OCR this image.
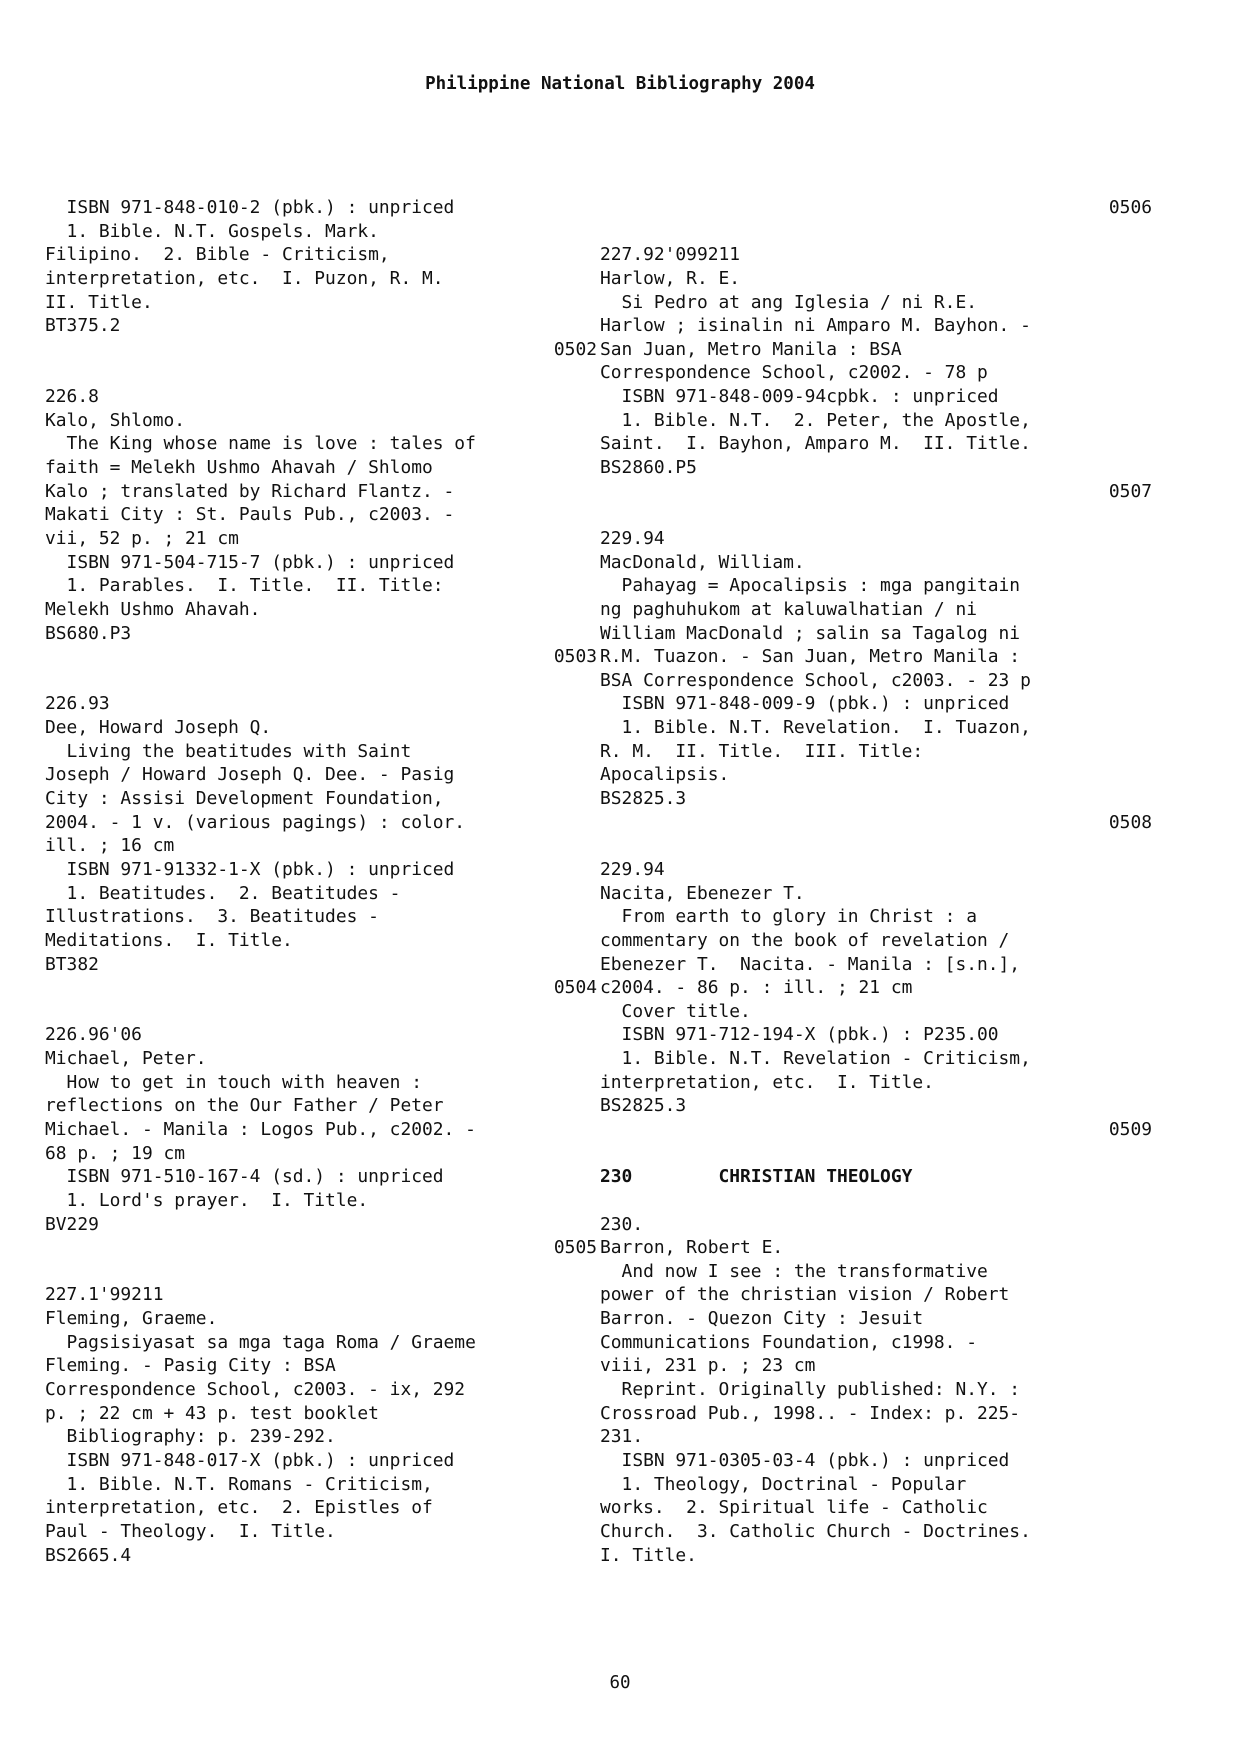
Philippine National Bibliography 2004
ISBN 971-848-010-2 (pbk.) : unpriced
1. Bible. N.T. Gospels. Mark.
Filipino.  2. Bible - Criticism,
interpretation, etc.  I. Puzon, R. M.
II. Title.
BT375.2
0502
226.8
Kalo, Shlomo.
The King whose name is love : tales of
faith = Melekh Ushmo Ahavah / Shlomo
Kalo ; translated by Richard Flantz. -
Makati City : St. Pauls Pub., c2003. -
vii, 52 p. ; 21 cm
ISBN 971-504-715-7 (pbk.) : unpriced
1. Parables.  I. Title.  II. Title:
Melekh Ushmo Ahavah.
BS680.P3
0503
226.93
Dee, Howard Joseph Q.
Living the beatitudes with Saint
Joseph / Howard Joseph Q. Dee. - Pasig
City : Assisi Development Foundation,
2004. - 1 v. (various pagings) : color.
ill. ; 16 cm
ISBN 971-91332-1-X (pbk.) : unpriced
1. Beatitudes.  2. Beatitudes -
Illustrations.  3. Beatitudes -
Meditations.  I. Title.
BT382
0504
226.96'06
Michael, Peter.
How to get in touch with heaven :
reflections on the Our Father / Peter
Michael. - Manila : Logos Pub., c2002. -
68 p. ; 19 cm
ISBN 971-510-167-4 (sd.) : unpriced
1. Lord's prayer.  I. Title.
BV229
0505
227.1'99211
Fleming, Graeme.
Pagsisiyasat sa mga taga Roma / Graeme
Fleming. - Pasig City : BSA
Correspondence School, c2003. - ix, 292
p. ; 22 cm + 43 p. test booklet
Bibliography: p. 239-292.
ISBN 971-848-017-X (pbk.) : unpriced
1. Bible. N.T. Romans - Criticism,
interpretation, etc.  2. Epistles of
Paul - Theology.  I. Title.
BS2665.4
0506
227.92'099211
Harlow, R. E.
Si Pedro at ang Iglesia / ni R.E.
Harlow ; isinalin ni Amparo M. Bayhon. -
San Juan, Metro Manila : BSA
Correspondence School, c2002. - 78 p
ISBN 971-848-009-94cpbk. : unpriced
1. Bible. N.T.  2. Peter, the Apostle,
Saint.  I. Bayhon, Amparo M.  II. Title.
BS2860.P5
0507
229.94
MacDonald, William.
Pahayag = Apocalipsis : mga pangitain
ng paghuhukom at kaluwalhatian / ni
William MacDonald ; salin sa Tagalog ni
R.M. Tuazon. - San Juan, Metro Manila :
BSA Correspondence School, c2003. - 23 p
ISBN 971-848-009-9 (pbk.) : unpriced
1. Bible. N.T. Revelation.  I. Tuazon,
R. M.  II. Title.  III. Title:
Apocalipsis.
BS2825.3
0508
229.94
Nacita, Ebenezer T.
From earth to glory in Christ : a
commentary on the book of revelation /
Ebenezer T.  Nacita. - Manila : [s.n.],
c2004. - 86 p. : ill. ; 21 cm
Cover title.
ISBN 971-712-194-X (pbk.) : P235.00
1. Bible. N.T. Revelation - Criticism,
interpretation, etc.  I. Title.
BS2825.3
0509
230        CHRISTIAN THEOLOGY
230.
Barron, Robert E.
And now I see : the transformative
power of the christian vision / Robert
Barron. - Quezon City : Jesuit
Communications Foundation, c1998. -
viii, 231 p. ; 23 cm
Reprint. Originally published: N.Y. :
Crossroad Pub., 1998.. - Index: p. 225-
231.
ISBN 971-0305-03-4 (pbk.) : unpriced
1. Theology, Doctrinal - Popular
works.  2. Spiritual life - Catholic
Church.  3. Catholic Church - Doctrines.
I. Title.
60
